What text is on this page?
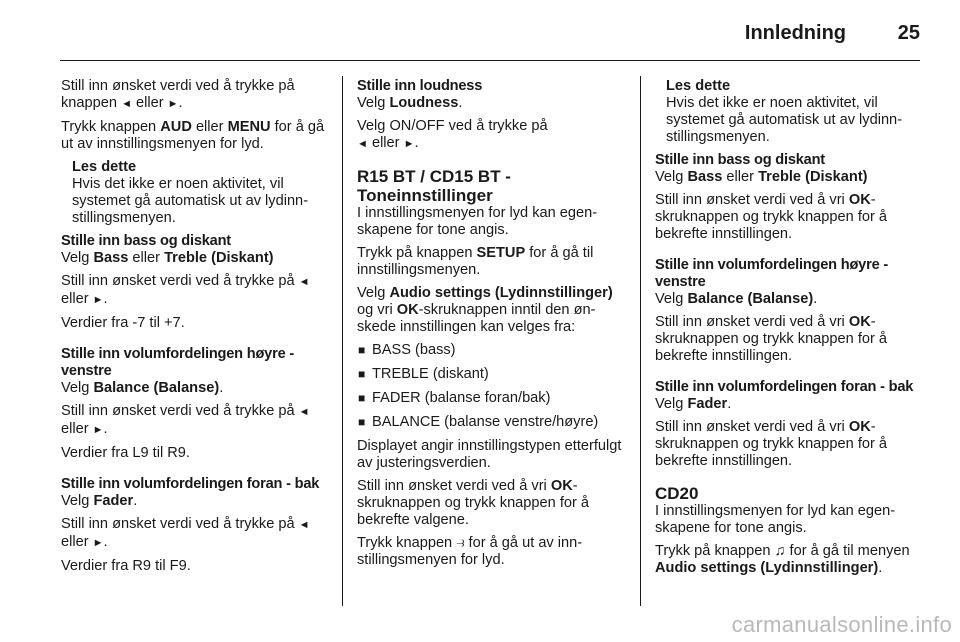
Innledning	25

Still inn ønsket verdi ved å trykke på knappen ◄ eller ►.

Trykk knappen AUD eller MENU for å gå ut av innstillingsmenyen for lyd.

Les dette
Hvis det ikke er noen aktivitet, vil systemet gå automatisk ut av lydinnstillingsmenyen.

Stille inn bass og diskant

Velg Bass eller Treble (Diskant)

Still inn ønsket verdi ved å trykke på ◄ eller ►.

Verdier fra -7 til +7.

Stille inn volumfordelingen høyre - venstre

Velg Balance (Balanse).

Still inn ønsket verdi ved å trykke på ◄ eller ►.

Verdier fra L9 til R9.

Stille inn volumfordelingen foran - bak

Velg Fader.

Still inn ønsket verdi ved å trykke på ◄ eller ►.

Verdier fra R9 til F9.

Stille inn loudness

Velg Loudness.

Velg ON/OFF ved å trykke på
◄ eller ►.

R15 BT / CD15 BT - Toneinnstillinger

I innstillingsmenyen for lyd kan egenskapene for tone angis.

Trykk på knappen SETUP for å gå til innstillingsmenyen.

Velg Audio settings (Lydinnstillinger)
og vri OK-skruknappen inntil den ønskede innstillingen kan velges fra:

■ BASS (bass)
■ TREBLE (diskant)
■ FADER (balanse foran/bak)
■ BALANCE (balanse venstre/høyre)

Displayet angir innstillingstypen etterfulgt av justeringsverdien.

Still inn ønsket verdi ved å vri OK-skruknappen og trykk knappen for å bekrefte valgene.

Trykk knappen ⥽ for å gå ut av innstillingsmenyen for lyd.

Les dette
Hvis det ikke er noen aktivitet, vil systemet gå automatisk ut av lydinnstillingsmenyen.

Stille inn bass og diskant

Velg Bass eller Treble (Diskant)

Still inn ønsket verdi ved å vri OK-skruknappen og trykk knappen for å bekrefte innstillingen.

Stille inn volumfordelingen høyre - venstre

Velg Balance (Balanse).

Still inn ønsket verdi ved å vri OK-skruknappen og trykk knappen for å bekrefte innstillingen.

Stille inn volumfordelingen foran - bak

Velg Fader.

Still inn ønsket verdi ved å vri OK-skruknappen og trykk knappen for å bekrefte innstillingen.

CD20

I innstillingsmenyen for lyd kan egenskapene for tone angis.

Trykk på knappen ♫ for å gå til menyen Audio settings (Lydinnstillinger).

carmanualsonline.info
